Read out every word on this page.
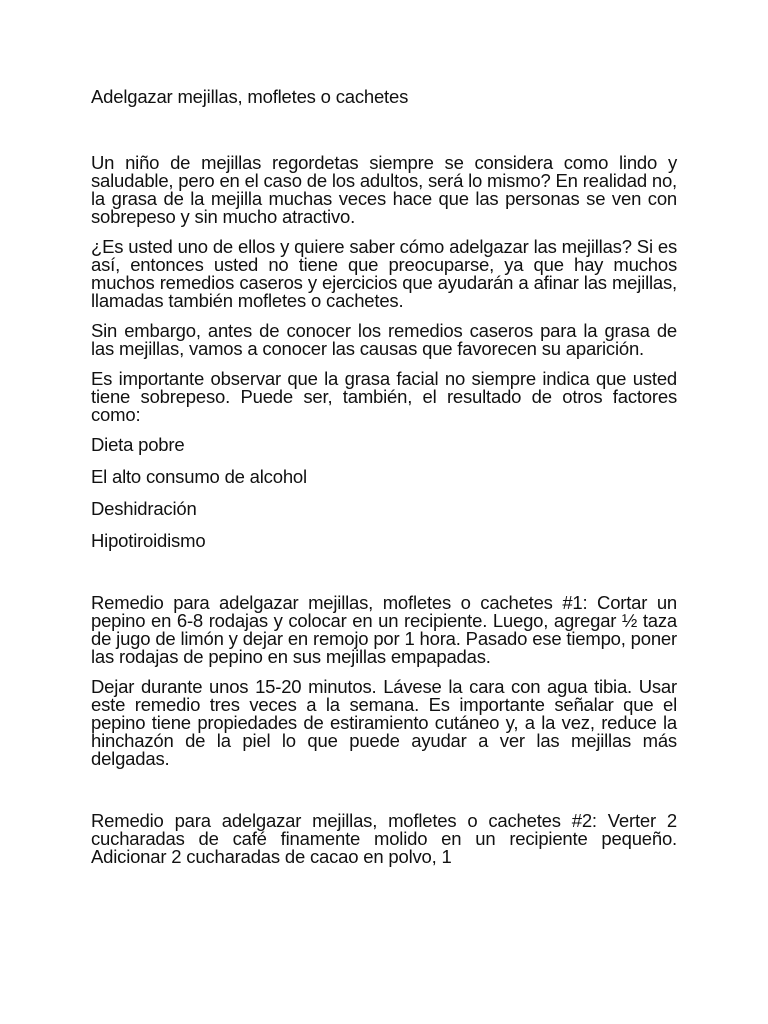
Adelgazar mejillas, mofletes o cachetes

Un niño de mejillas regordetas siempre se considera como lindo y saludable, pero en el caso de los adultos, será lo mismo? En realidad no, la grasa de la mejilla muchas veces hace que las personas se ven con sobrepeso y sin mucho atractivo.

¿Es usted uno de ellos y quiere saber cómo adelgazar las mejillas? Si es así, entonces usted no tiene que preocuparse, ya que hay muchos muchos remedios caseros y ejercicios que ayudarán a afinar las mejillas, llamadas también mofletes o cachetes.

Sin embargo, antes de conocer los remedios caseros para la grasa de las mejillas, vamos a conocer las causas que favorecen su aparición.

Es importante observar que la grasa facial no siempre indica que usted tiene sobrepeso. Puede ser, también, el resultado de otros factores como:

Dieta pobre
El alto consumo de alcohol
Deshidración
Hipotiroidismo

Remedio para adelgazar mejillas, mofletes o cachetes #1: Cortar un pepino en 6-8 rodajas y colocar en un recipiente. Luego, agregar ½ taza de jugo de limón y dejar en remojo por 1 hora. Pasado ese tiempo, poner las rodajas de pepino en sus mejillas empapadas.

Dejar durante unos 15-20 minutos. Lávese la cara con agua tibia. Usar este remedio tres veces a la semana. Es importante señalar que el pepino tiene propiedades de estiramiento cutáneo y, a la vez, reduce la hinchazón de la piel lo que puede ayudar a ver las mejillas más delgadas.

Remedio para adelgazar mejillas, mofletes o cachetes #2: Verter 2 cucharadas de café finamente molido en un recipiente pequeño. Adicionar 2 cucharadas de cacao en polvo, 1
